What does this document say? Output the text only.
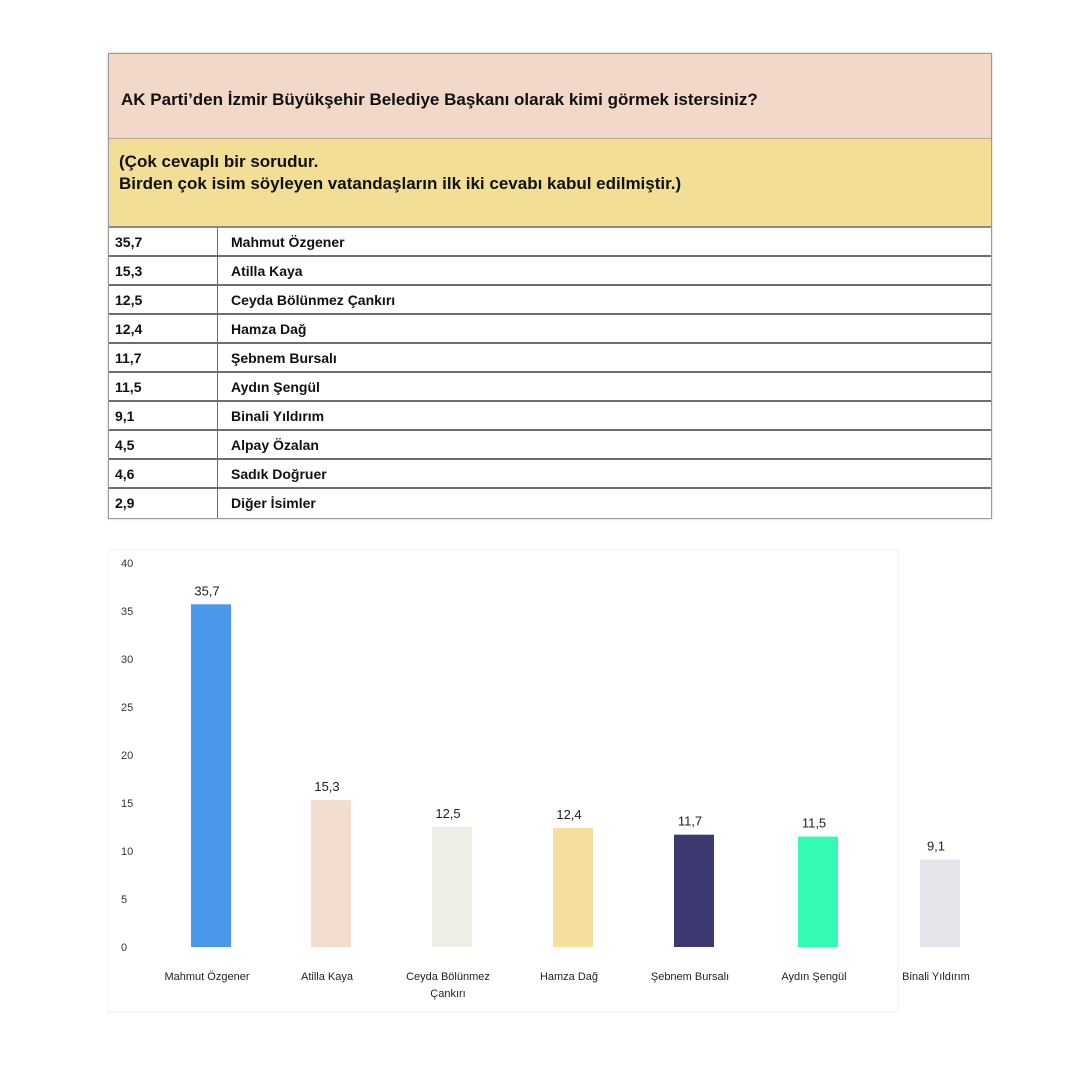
AK Parti’den İzmir Büyükşehir Belediye Başkanı olarak kimi görmek istersiniz?
(Çok cevaplı bir sorudur.
Birden çok isim söyleyen vatandaşların ilk iki cevabı kabul edilmiştir.)
35,7	Mahmut Özgener
15,3	Atilla Kaya
12,5	Ceyda Bölünmez Çankırı
12,4	Hamza Dağ
11,7	Şebnem Bursalı
11,5	Aydın Şengül
9,1	Binali Yıldırım
4,5	Alpay Özalan
4,6	Sadık Doğruer
2,9	Diğer İsimler
0
5
10
15
20
25
30
35
40
35,7
Mahmut Özgener
15,3
Atilla Kaya
12,5
Ceyda Bölünmez Çankırı
12,4
Hamza Dağ
11,7
Şebnem Bursalı
11,5
Aydın Şengül
9,1
Binali Yıldırım
